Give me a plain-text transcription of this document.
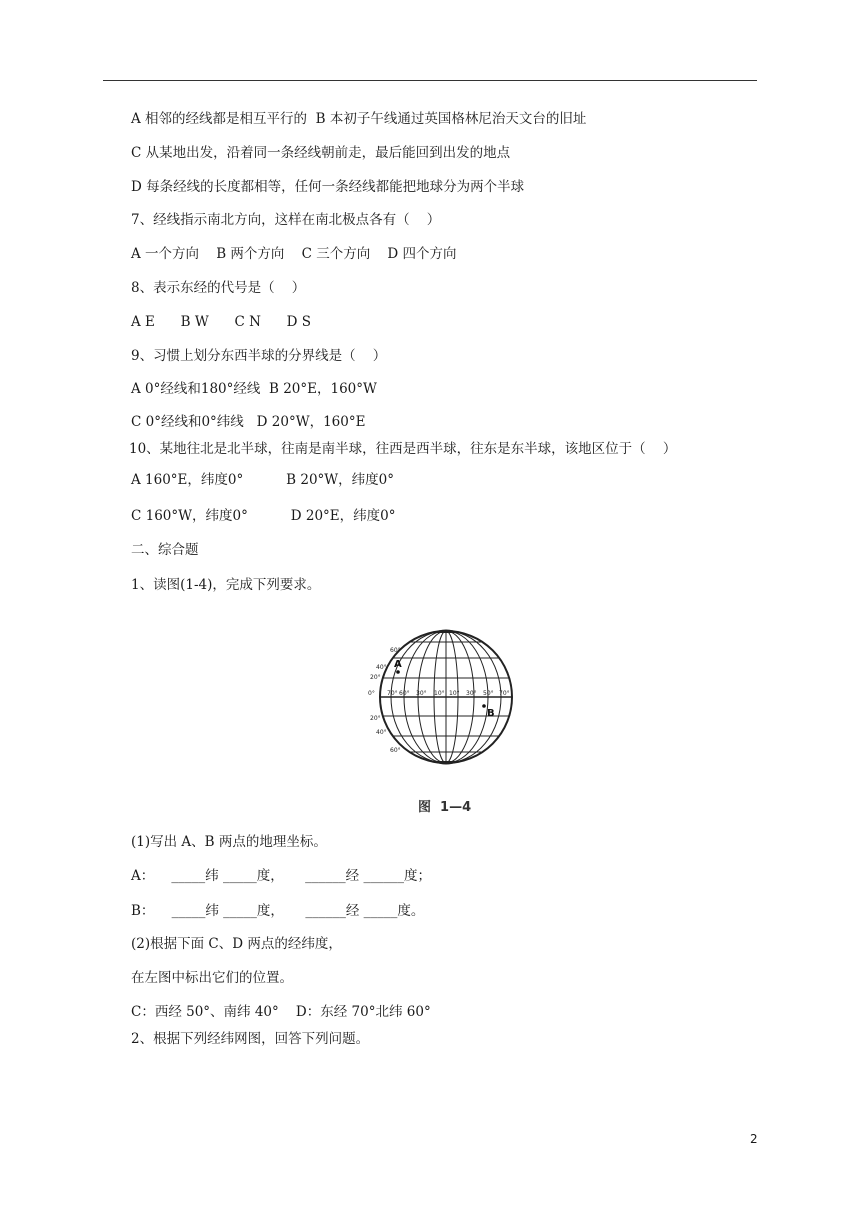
A 相邻的经线都是相互平行的  B 本初子午线通过英国格林尼治天文台的旧址
C 从某地出发，沿着同一条经线朝前走，最后能回到出发的地点
D 每条经线的长度都相等，任何一条经线都能把地球分为两个半球
7、经线指示南北方向，这样在南北极点各有（    ）
A 一个方向    B 两个方向    C 三个方向    D 四个方向
8、表示东经的代号是（    ）
A E      B W      C N      D S
9、习惯上划分东西半球的分界线是（    ）
A 0°经线和180°经线  B 20°E，160°W
C 0°经线和0°纬线   D 20°W，160°E
10、某地往北是北半球，往南是南半球，往西是西半球，往东是东半球，该地区位于（    ）
A 160°E，纬度0°          B 20°W，纬度0°
C 160°W，纬度0°          D 20°E，纬度0°
二、综合题
1、读图(1-4)，完成下列要求。
A
B
0° 70° 60° 30° 10° 10° 30° 50° 70°
60°
40°
20°
20°
40°
60°
图  1—4
(1)写出 A、B 两点的地理坐标。
A：    _____纬 _____度，     ______经 ______度；
B：    _____纬 _____度，     ______经 _____度。
(2)根据下面 C、D 两点的经纬度，
在左图中标出它们的位置。
C：西经 50°、南纬 40°    D：东经 70°北纬 60°
2、根据下列经纬网图，回答下列问题。
2
